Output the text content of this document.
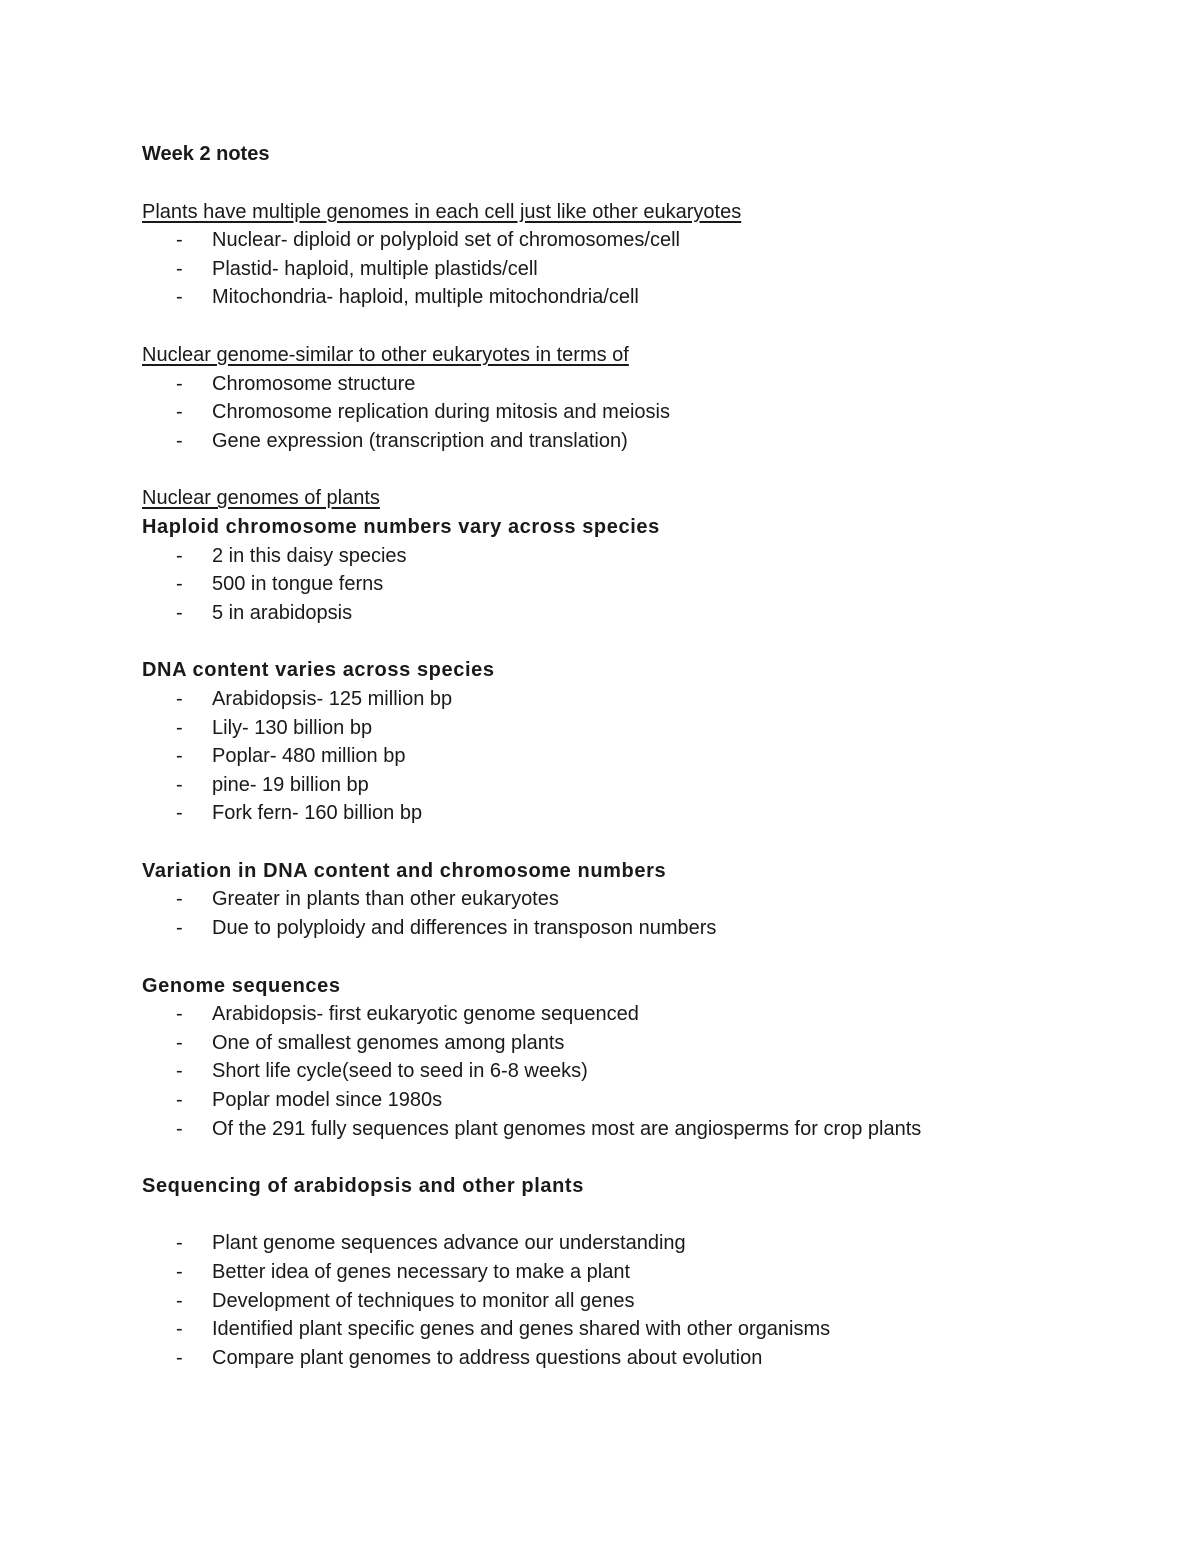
Week 2 notes
Plants have multiple genomes in each cell just like other eukaryotes
- Nuclear- diploid or polyploid set of chromosomes/cell
- Plastid- haploid, multiple plastids/cell
- Mitochondria- haploid, multiple mitochondria/cell
Nuclear genome-similar to other eukaryotes in terms of
- Chromosome structure
- Chromosome replication during mitosis and meiosis
- Gene expression (transcription and translation)
Nuclear genomes of plants
Haploid chromosome numbers vary across species
- 2 in this daisy species
- 500 in tongue ferns
- 5 in arabidopsis
DNA content varies across species
- Arabidopsis- 125 million bp
- Lily- 130 billion bp
- Poplar- 480 million bp
- pine- 19 billion bp
- Fork fern- 160 billion bp
Variation in DNA content and chromosome numbers
- Greater in plants than other eukaryotes
- Due to polyploidy and differences in transposon numbers
Genome sequences
- Arabidopsis- first eukaryotic genome sequenced
- One of smallest genomes among plants
- Short life cycle(seed to seed in 6-8 weeks)
- Poplar model since 1980s
- Of the 291 fully sequences plant genomes most are angiosperms for crop plants
Sequencing of arabidopsis and other plants
- Plant genome sequences advance our understanding
- Better idea of genes necessary to make a plant
- Development of techniques to monitor all genes
- Identified plant specific genes and genes shared with other organisms
- Compare plant genomes to address questions about evolution
